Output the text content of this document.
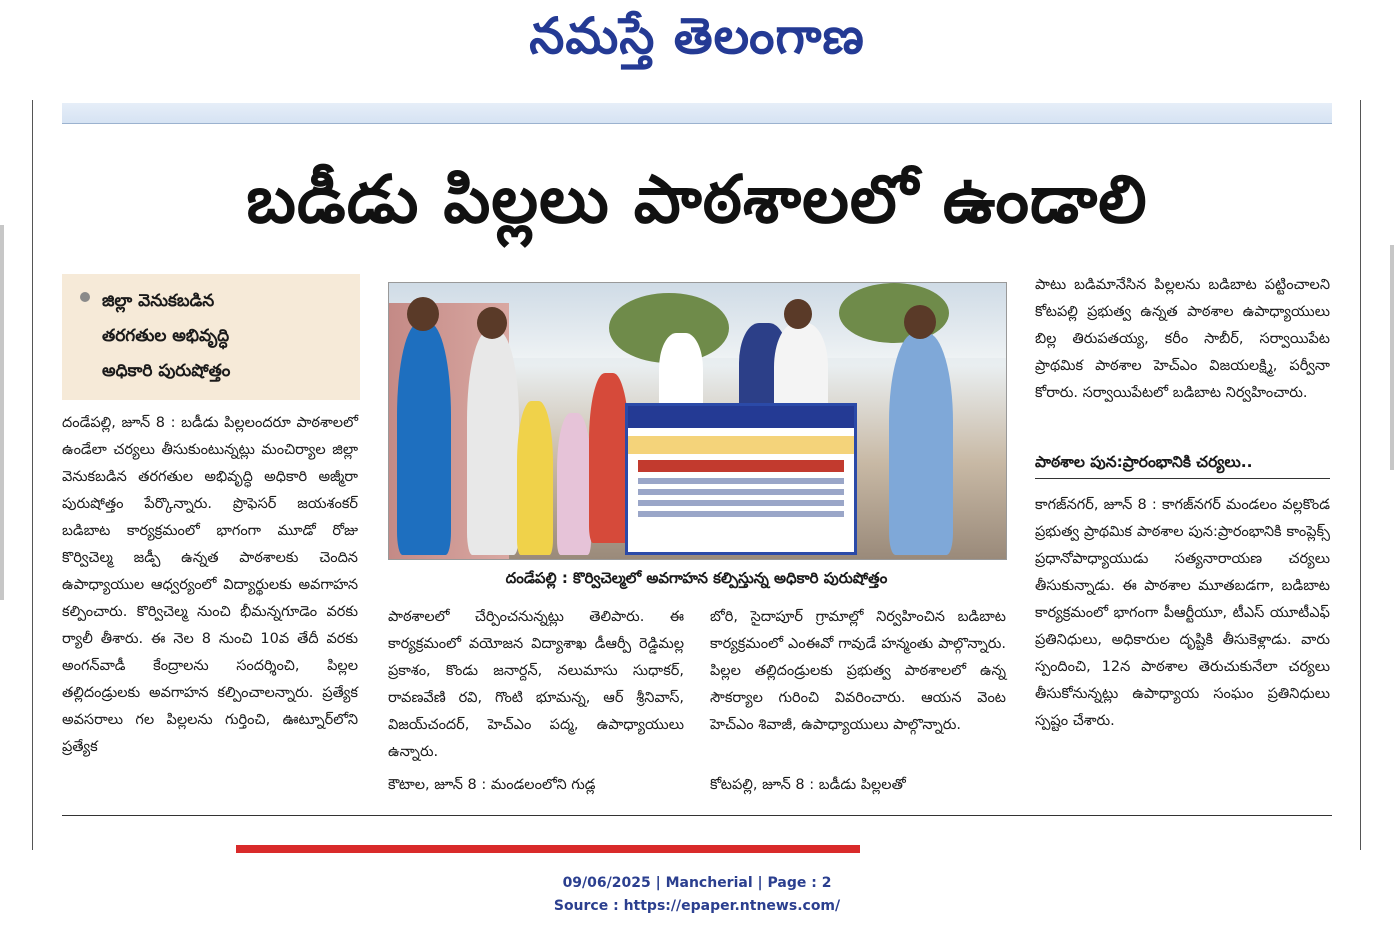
నమస్తే తెలంగాణ
బడీడు పిల్లలు పాఠశాలలో ఉండాలి
జిల్లా వెనుకబడిన
తరగతుల అభివృద్ధి
అధికారి పురుషోత్తం
దండేపల్లి : కొర్విచెల్మలో అవగాహన కల్పిస్తున్న అధికారి పురుషోత్తం
దండేపల్లి, జూన్ 8 : బడీడు పిల్లలందరూ పాఠశాలలో ఉండేలా చర్యలు తీసుకుంటున్నట్లు మంచిర్యాల జిల్లా వెనుకబడిన తరగతుల అభివృద్ధి అధికారి అజ్మీరా పురుషోత్తం పేర్కొన్నారు. ప్రొఫెసర్ జయశంకర్ బడిబాట కార్యక్రమంలో భాగంగా మూడో రోజు కొర్విచెల్మ జడ్పీ ఉన్నత పాఠశాలకు చెందిన ఉపాధ్యాయుల ఆధ్వర్యంలో విద్యార్థులకు అవగాహన కల్పించారు. కొర్విచెల్మ నుంచి భీమన్నగూడెం వరకు ర్యాలీ తీశారు. ఈ నెల 8 నుంచి 10వ తేదీ వరకు అంగన్‌వాడీ కేంద్రాలను సందర్శించి, పిల్లల తల్లిదండ్రులకు అవగాహన కల్పించాలన్నారు. ప్రత్యేక అవసరాలు గల పిల్లలను గుర్తించి, ఊట్నూర్‌లోని ప్రత్యేక
పాఠశాలలో చేర్పించనున్నట్లు తెలిపారు. ఈ కార్యక్రమంలో వయోజన విద్యాశాఖ డీఆర్పీ రెడ్డిమల్ల ప్రకాశం, కొండు జనార్దన్, నలుమాసు సుధాకర్, రావణవేణి రవి, గొంటి భూమన్న, ఆర్ శ్రీనివాస్, విజయ్‌చందర్, హెచ్ఎం పద్మ, ఉపాధ్యాయులు ఉన్నారు.
కౌటాల, జూన్ 8 : మండలంలోని గుడ్ల
బోరి, సైదాపూర్ గ్రామాల్లో నిర్వహించిన బడిబాట కార్యక్రమంలో ఎంఈవో గావుడే హన్మంతు పాల్గొన్నారు. పిల్లల తల్లిదండ్రులకు ప్రభుత్వ పాఠశాలలో ఉన్న సౌకర్యాల గురించి వివరించారు. ఆయన వెంట హెచ్ఎం శివాజీ, ఉపాధ్యాయులు పాల్గొన్నారు.
కోటపల్లి, జూన్ 8 : బడీడు పిల్లలతో
పాటు బడిమానేసిన పిల్లలను బడిబాట పట్టించాలని కోటపల్లి ప్రభుత్వ ఉన్నత పాఠశాల ఉపాధ్యాయులు బిల్ల తిరుపతయ్య, కరీం సాబీర్, సర్వాయిపేట ప్రాథమిక పాఠశాల హెచ్ఎం విజయలక్ష్మి, పర్వీనా కోరారు. సర్వాయిపేటలో బడిబాట నిర్వహించారు.
పాఠశాల పున:ప్రారంభానికి చర్యలు..
కాగజ్‌నగర్, జూన్ 8 : కాగజ్‌నగర్ మండలం వల్లకొండ ప్రభుత్వ ప్రాథమిక పాఠశాల పున:ప్రారంభానికి కాంప్లెక్స్ ప్రధానోపాధ్యాయుడు సత్యనారాయణ చర్యలు తీసుకున్నాడు. ఈ పాఠశాల మూతబడగా, బడిబాట కార్యక్రమంలో భాగంగా పీఆర్టీయూ, టీఎస్ యూటీఎఫ్ ప్రతినిధులు, అధికారుల దృష్టికి తీసుకెళ్లాడు. వారు స్పందించి, 12న పాఠశాల తెరుచుకునేలా చర్యలు తీసుకోనున్నట్లు ఉపాధ్యాయ సంఘం ప్రతినిధులు స్పష్టం చేశారు.
09/06/2025 | Mancherial | Page : 2
Source : https://epaper.ntnews.com/
